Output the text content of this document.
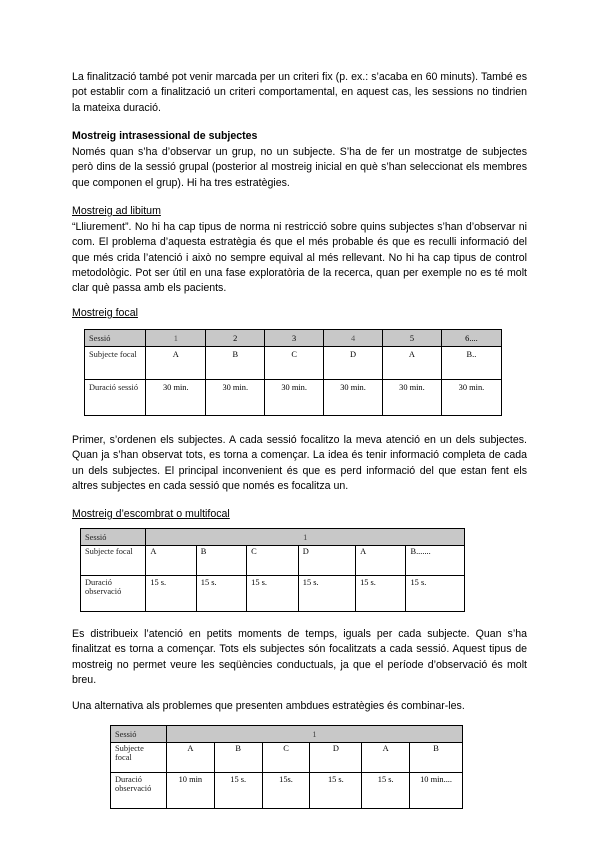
La finalització també pot venir marcada per un criteri fix (p. ex.: s’acaba en 60 minuts). També es pot establir com a finalització un criteri comportamental, en aquest cas, les sessions no tindrien la mateixa duració.

Mostreig intrasessional de subjectes

Només quan s’ha d’observar un grup, no un subjecte. S’ha de fer un mostratge de subjectes però dins de la sessió grupal (posterior al mostreig inicial en què s’han seleccionat els membres que componen el grup). Hi ha tres estratègies.

Mostreig ad libitum

“Lliurement”. No hi ha cap tipus de norma ni restricció sobre quins subjectes s’han d’observar ni com. El problema d’aquesta estratègia és que el més probable és que es reculli informació del que més crida l’atenció i això no sempre equival al més rellevant. No hi ha cap tipus de control metodològic. Pot ser útil en una fase exploratòria de la recerca, quan per exemple no es té molt clar què passa amb els pacients.

Mostreig focal

Sessió	1	2	3	4	5	6....
Subjecte focal	A	B	C	D	A	B..
Duració sessió	30 min.	30 min.	30 min.	30 min.	30 min.	30 min.

Primer, s’ordenen els subjectes. A cada sessió focalitzo la meva atenció en un dels subjectes. Quan ja s’han observat tots, es torna a començar. La idea és tenir informació completa de cada un dels subjectes. El principal inconvenient és que es perd informació del que estan fent els altres subjectes en cada sessió que només es focalitza un.

Mostreig d’escombrat o multifocal

Sessió	1					
Subjecte focal	A	B	C	D	A	B.......
Duració observació	15 s.	15 s.	15 s.	15 s.	15 s.	15 s.

Es distribueix l’atenció en petits moments de temps, iguals per cada subjecte. Quan s’ha finalitzat es torna a començar. Tots els subjectes són focalitzats a cada sessió. Aquest tipus de mostreig no permet veure les seqüències conductuals, ja que el període d’observació és molt breu.

Una alternativa als problemes que presenten ambdues estratègies és combinar-les.

Sessió	1					
Subjecte focal	A	B	C	D	A	B
Duració observació	10 min	15 s.	15s.	15 s.	15 s.	10 min....
